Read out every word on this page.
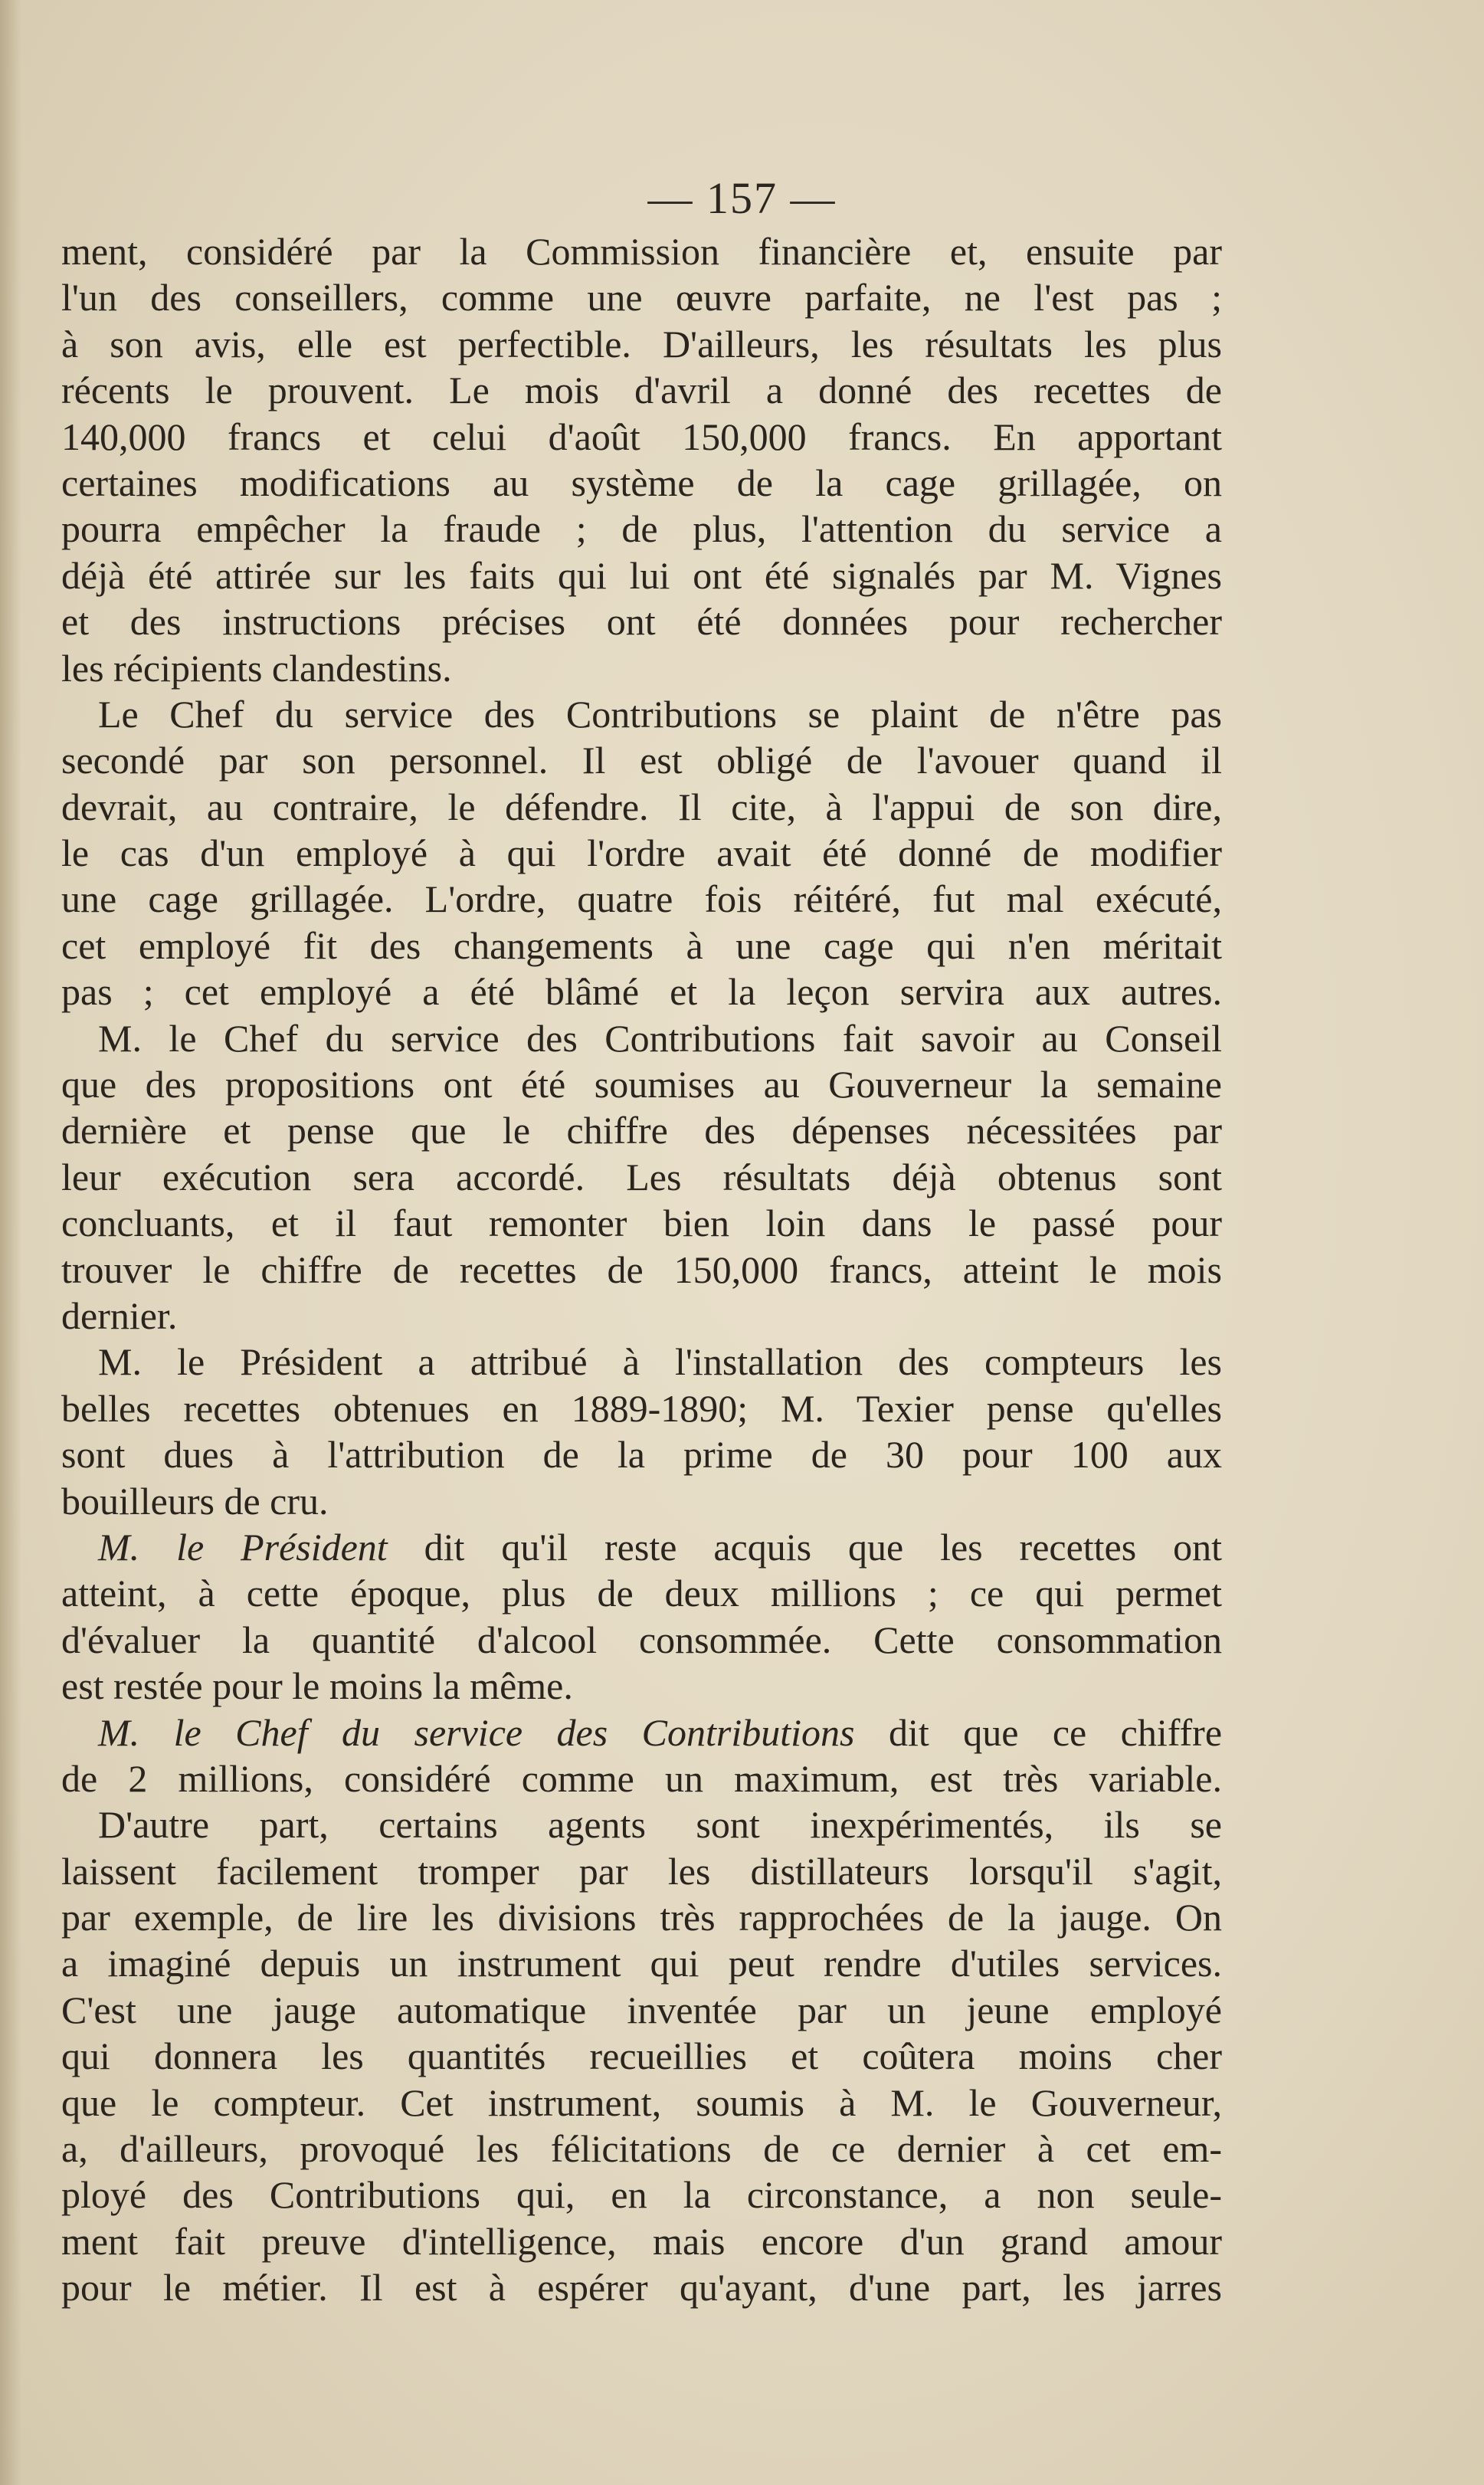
— 157 —
ment, considéré par la Commission financière et, ensuite par
l'un des conseillers, comme une œuvre parfaite, ne l'est pas ;
à son avis, elle est perfectible. D'ailleurs, les résultats les plus
récents le prouvent. Le mois d'avril a donné des recettes de
140,000 francs et celui d'août 150,000 francs. En apportant
certaines modifications au système de la cage grillagée, on
pourra empêcher la fraude ; de plus, l'attention du service a
déjà été attirée sur les faits qui lui ont été signalés par M. Vignes
et des instructions précises ont été données pour rechercher
les récipients clandestins.
Le Chef du service des Contributions se plaint de n'être pas
secondé par son personnel. Il est obligé de l'avouer quand il
devrait, au contraire, le défendre. Il cite, à l'appui de son dire,
le cas d'un employé à qui l'ordre avait été donné de modifier
une cage grillagée. L'ordre, quatre fois réitéré, fut mal exécuté,
cet employé fit des changements à une cage qui n'en méritait
pas ; cet employé a été blâmé et la leçon servira aux autres.
M. le Chef du service des Contributions fait savoir au Conseil
que des propositions ont été soumises au Gouverneur la semaine
dernière et pense que le chiffre des dépenses nécessitées par
leur exécution sera accordé. Les résultats déjà obtenus sont
concluants, et il faut remonter bien loin dans le passé pour
trouver le chiffre de recettes de 150,000 francs, atteint le mois
dernier.
M. le Président a attribué à l'installation des compteurs les
belles recettes obtenues en 1889-1890; M. Texier pense qu'elles
sont dues à l'attribution de la prime de 30 pour 100 aux
bouilleurs de cru.
M. le Président dit qu'il reste acquis que les recettes ont
atteint, à cette époque, plus de deux millions ; ce qui permet
d'évaluer la quantité d'alcool consommée. Cette consommation
est restée pour le moins la même.
M. le Chef du service des Contributions dit que ce chiffre
de 2 millions, considéré comme un maximum, est très variable.
D'autre part, certains agents sont inexpérimentés, ils se
laissent facilement tromper par les distillateurs lorsqu'il s'agit,
par exemple, de lire les divisions très rapprochées de la jauge. On
a imaginé depuis un instrument qui peut rendre d'utiles services.
C'est une jauge automatique inventée par un jeune employé
qui donnera les quantités recueillies et coûtera moins cher
que le compteur. Cet instrument, soumis à M. le Gouverneur,
a, d'ailleurs, provoqué les félicitations de ce dernier à cet em-
ployé des Contributions qui, en la circonstance, a non seule-
ment fait preuve d'intelligence, mais encore d'un grand amour
pour le métier. Il est à espérer qu'ayant, d'une part, les jarres
